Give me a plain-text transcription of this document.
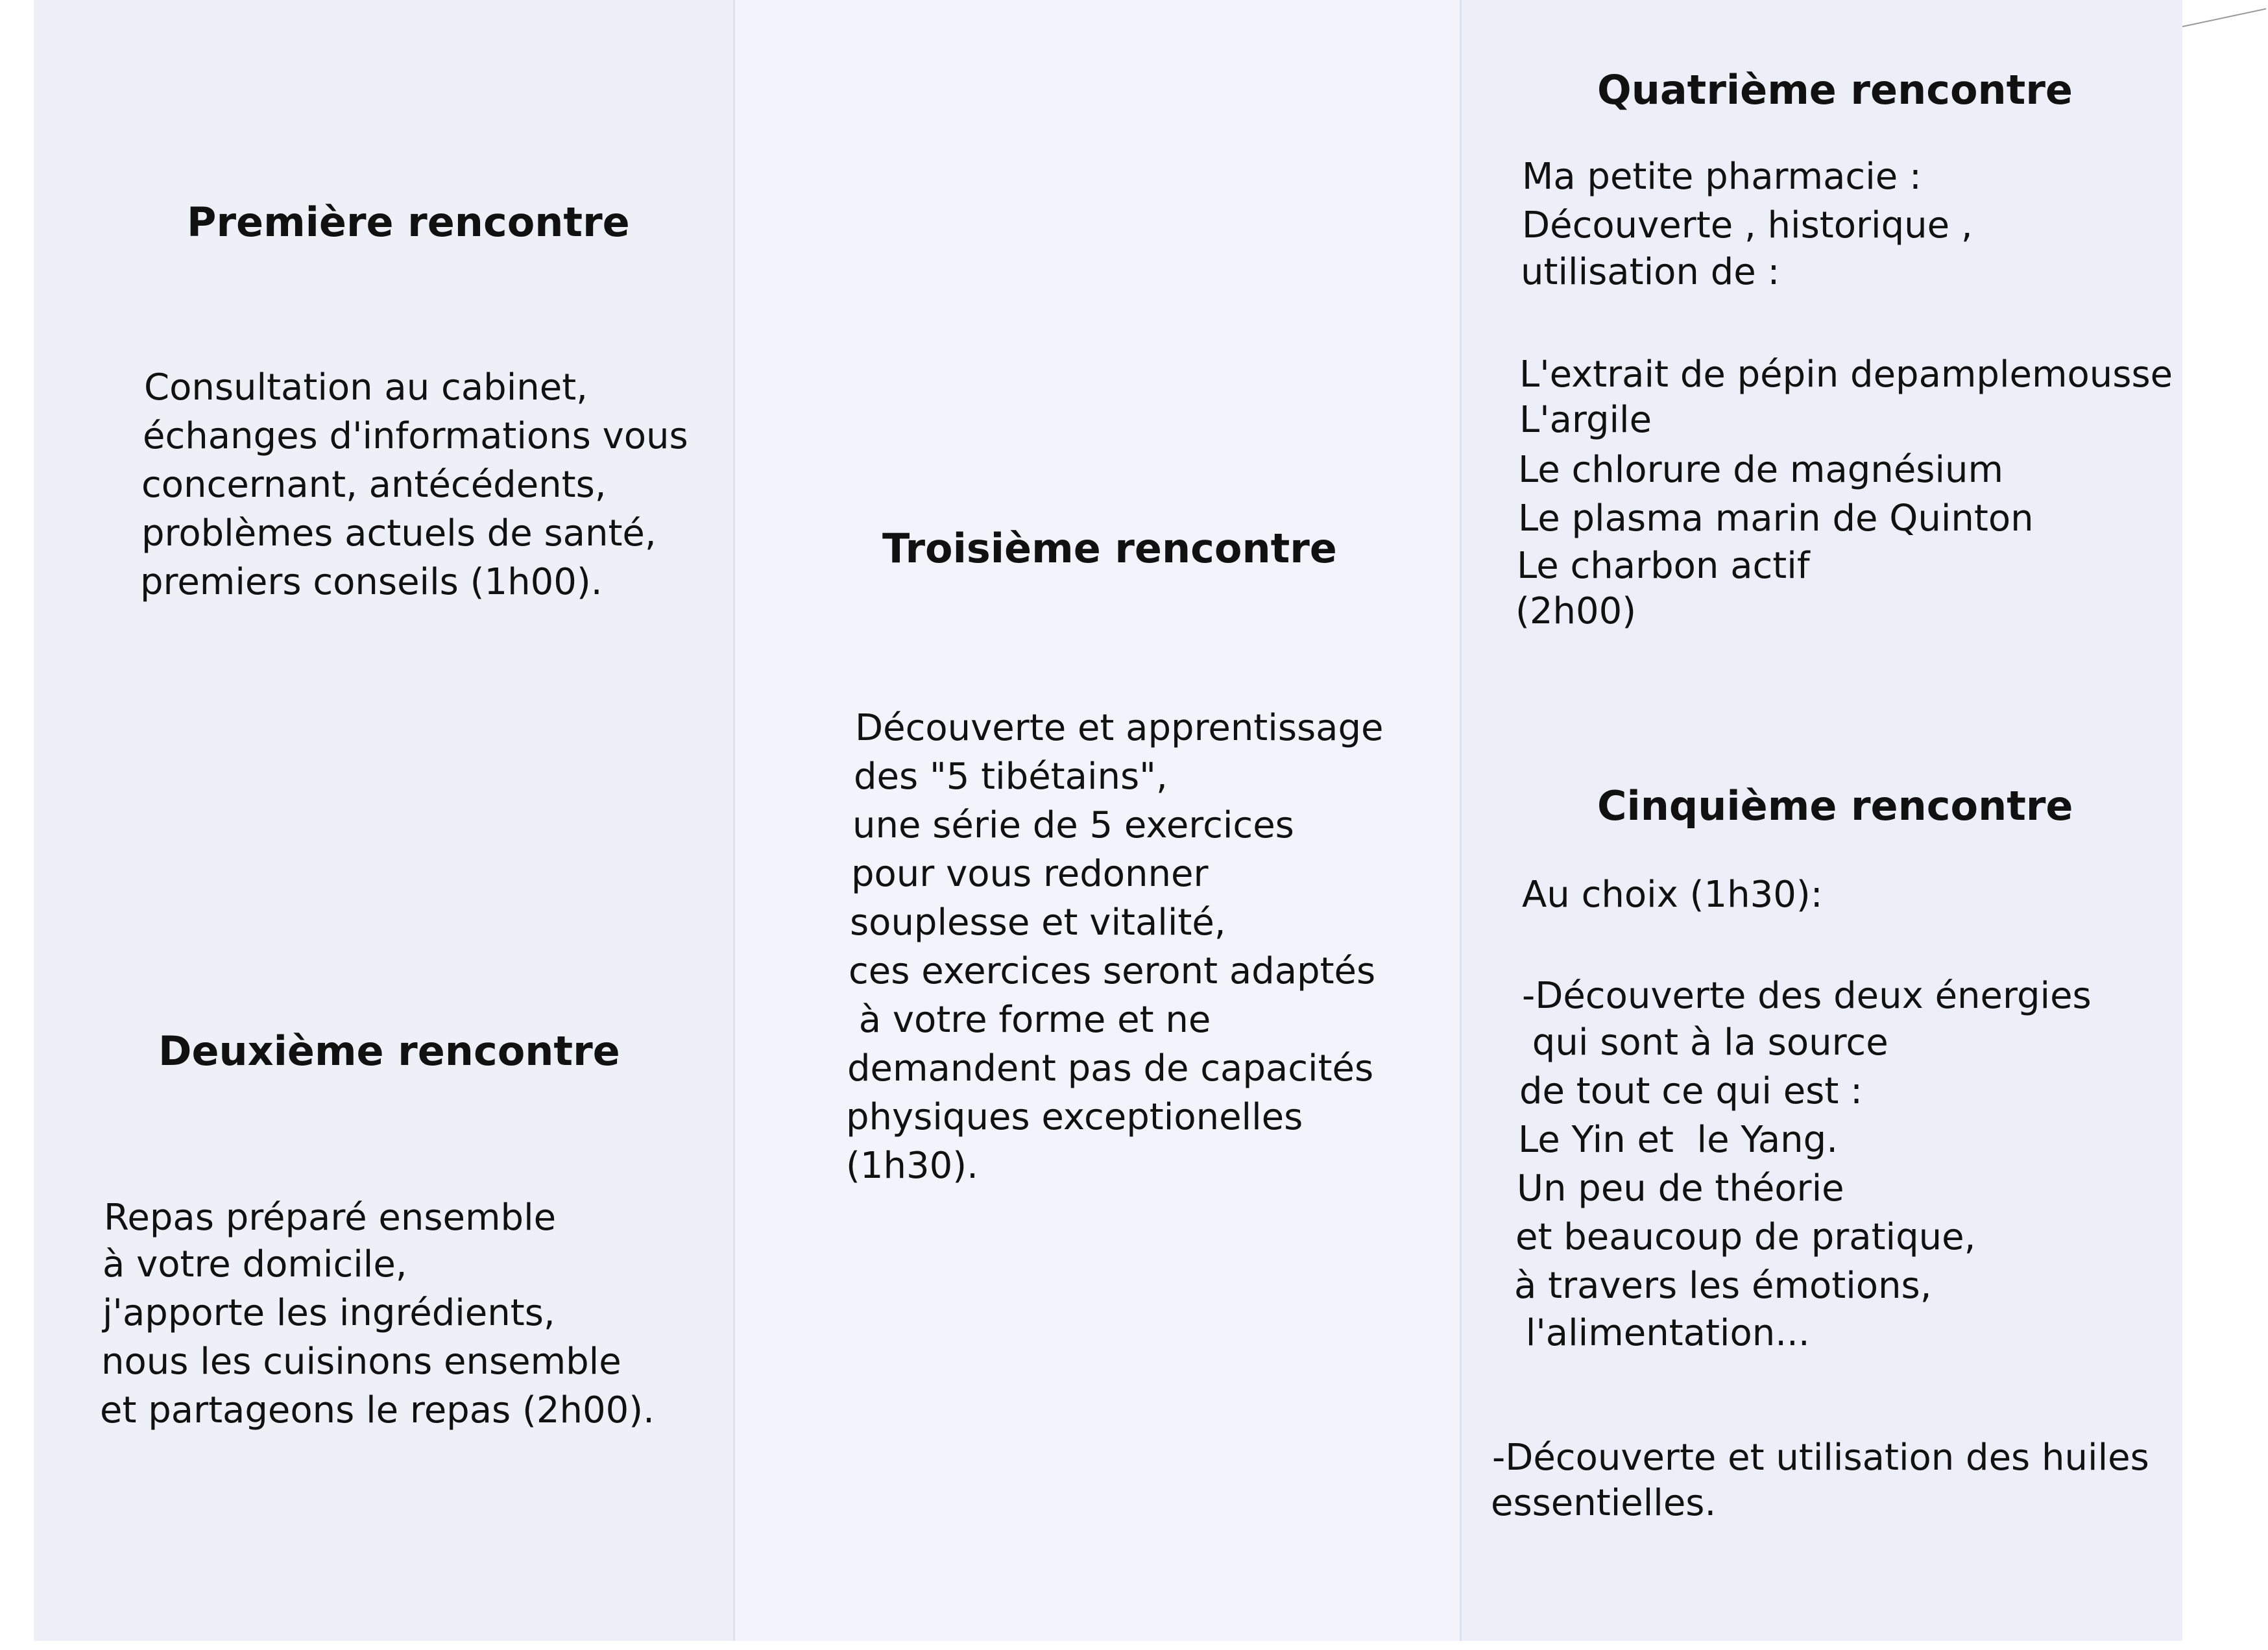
Première rencontre
Consultation au cabinet,
échanges d'informations vous
concernant, antécédents,
problèmes actuels de santé,
premiers conseils (1h00).
Deuxième rencontre
Repas préparé ensemble
à votre domicile,
j'apporte les ingrédients,
nous les cuisinons ensemble
et partageons le repas (2h00).
Troisième rencontre
Découverte et apprentissage
des "5 tibétains",
une série de 5 exercices
pour vous redonner
souplesse et vitalité,
ces exercices seront adaptés
à votre forme et ne
demandent pas de capacités
physiques exceptionelles
(1h30).
Quatrième rencontre
Ma petite pharmacie :
Découverte , historique ,
utilisation de :
L'extrait de pépin depamplemousse
L'argile
Le chlorure de magnésium
Le plasma marin de Quinton
Le charbon actif
(2h00)
Cinquième rencontre
Au choix (1h30):
-Découverte des deux énergies
qui sont à la source
de tout ce qui est :
Le Yin et  le Yang.
Un peu de théorie
et beaucoup de pratique,
à travers les émotions,
l'alimentation...
-Découverte et utilisation des huiles
essentielles.
